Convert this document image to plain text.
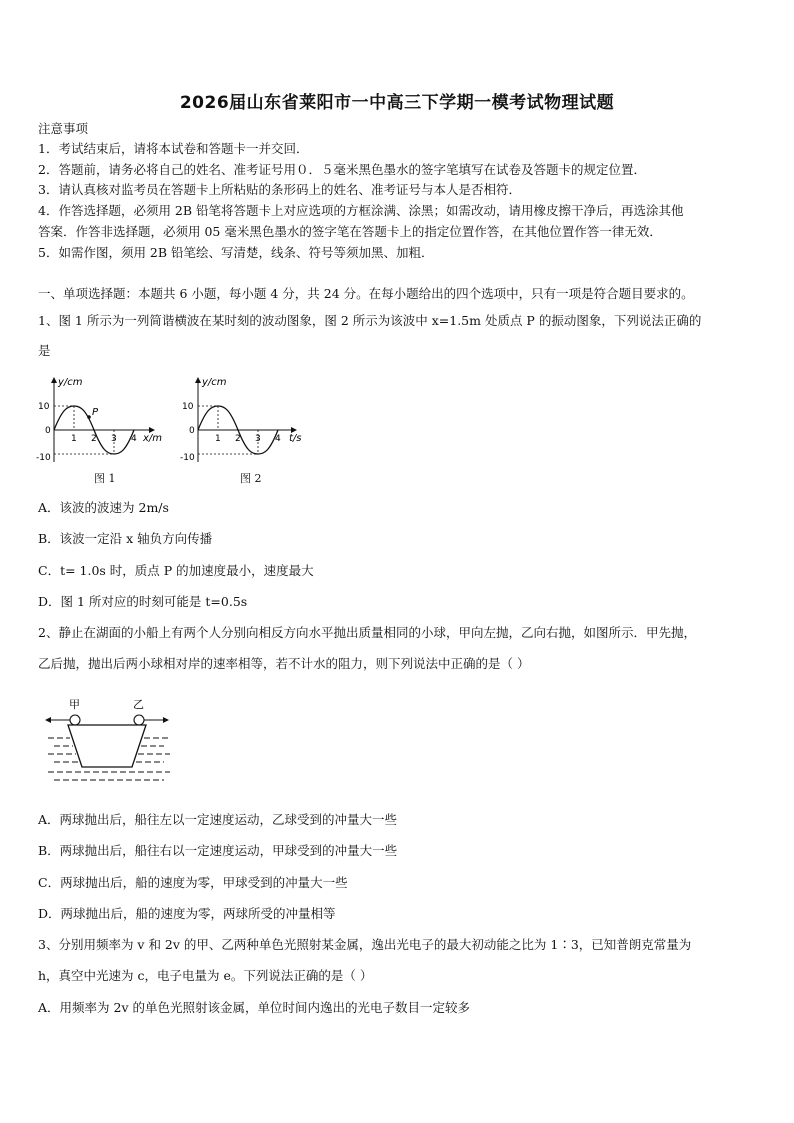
2026届山东省莱阳市一中高三下学期一模考试物理试题
注意事项
1．考试结束后，请将本试卷和答题卡一并交回．
2．答题前，请务必将自己的姓名、准考证号用０．５毫米黑色墨水的签字笔填写在试卷及答题卡的规定位置．
3．请认真核对监考员在答题卡上所粘贴的条形码上的姓名、准考证号与本人是否相符．
4．作答选择题，必须用 2B 铅笔将答题卡上对应选项的方框涂满、涂黑；如需改动，请用橡皮擦干净后，再选涂其他
答案．作答非选择题，必须用 05 毫米黑色墨水的签字笔在答题卡上的指定位置作答，在其他位置作答一律无效．
5．如需作图，须用 2B 铅笔绘、写清楚，线条、符号等须加黑、加粗．
一、单项选择题：本题共 6 小题，每小题 4 分，共 24 分。在每小题给出的四个选项中，只有一项是符合题目要求的。
1、图 1 所示为一列简谐横波在某时刻的波动图象，图 2 所示为该波中 x=1.5m 处质点 P 的振动图象，下列说法正确的
是
P
y/cm
10
0
-10
1 2 3 4 x/m
图 1
y/cm
10
0
-10
1 2 3 4 t/s
图 2
A．该波的波速为 2m/s
B．该波一定沿 x 轴负方向传播
C．t= 1.0s 时，质点 P 的加速度最小，速度最大
D．图 1 所对应的时刻可能是 t=0.5s
2、静止在湖面的小船上有两个人分别向相反方向水平抛出质量相同的小球，甲向左抛，乙向右抛，如图所示．甲先抛，
乙后抛，抛出后两小球相对岸的速率相等，若不计水的阻力，则下列说法中正确的是（ ）
甲	乙
A．两球抛出后，船往左以一定速度运动，乙球受到的冲量大一些
B．两球抛出后，船往右以一定速度运动，甲球受到的冲量大一些
C．两球抛出后，船的速度为零，甲球受到的冲量大一些
D．两球抛出后，船的速度为零，两球所受的冲量相等
3、分别用频率为 v 和 2v 的甲、乙两种单色光照射某金属，逸出光电子的最大初动能之比为 1∶3，已知普朗克常量为
h，真空中光速为 c，电子电量为 e。下列说法正确的是（ ）
A．用频率为 2v 的单色光照射该金属，单位时间内逸出的光电子数目一定较多
